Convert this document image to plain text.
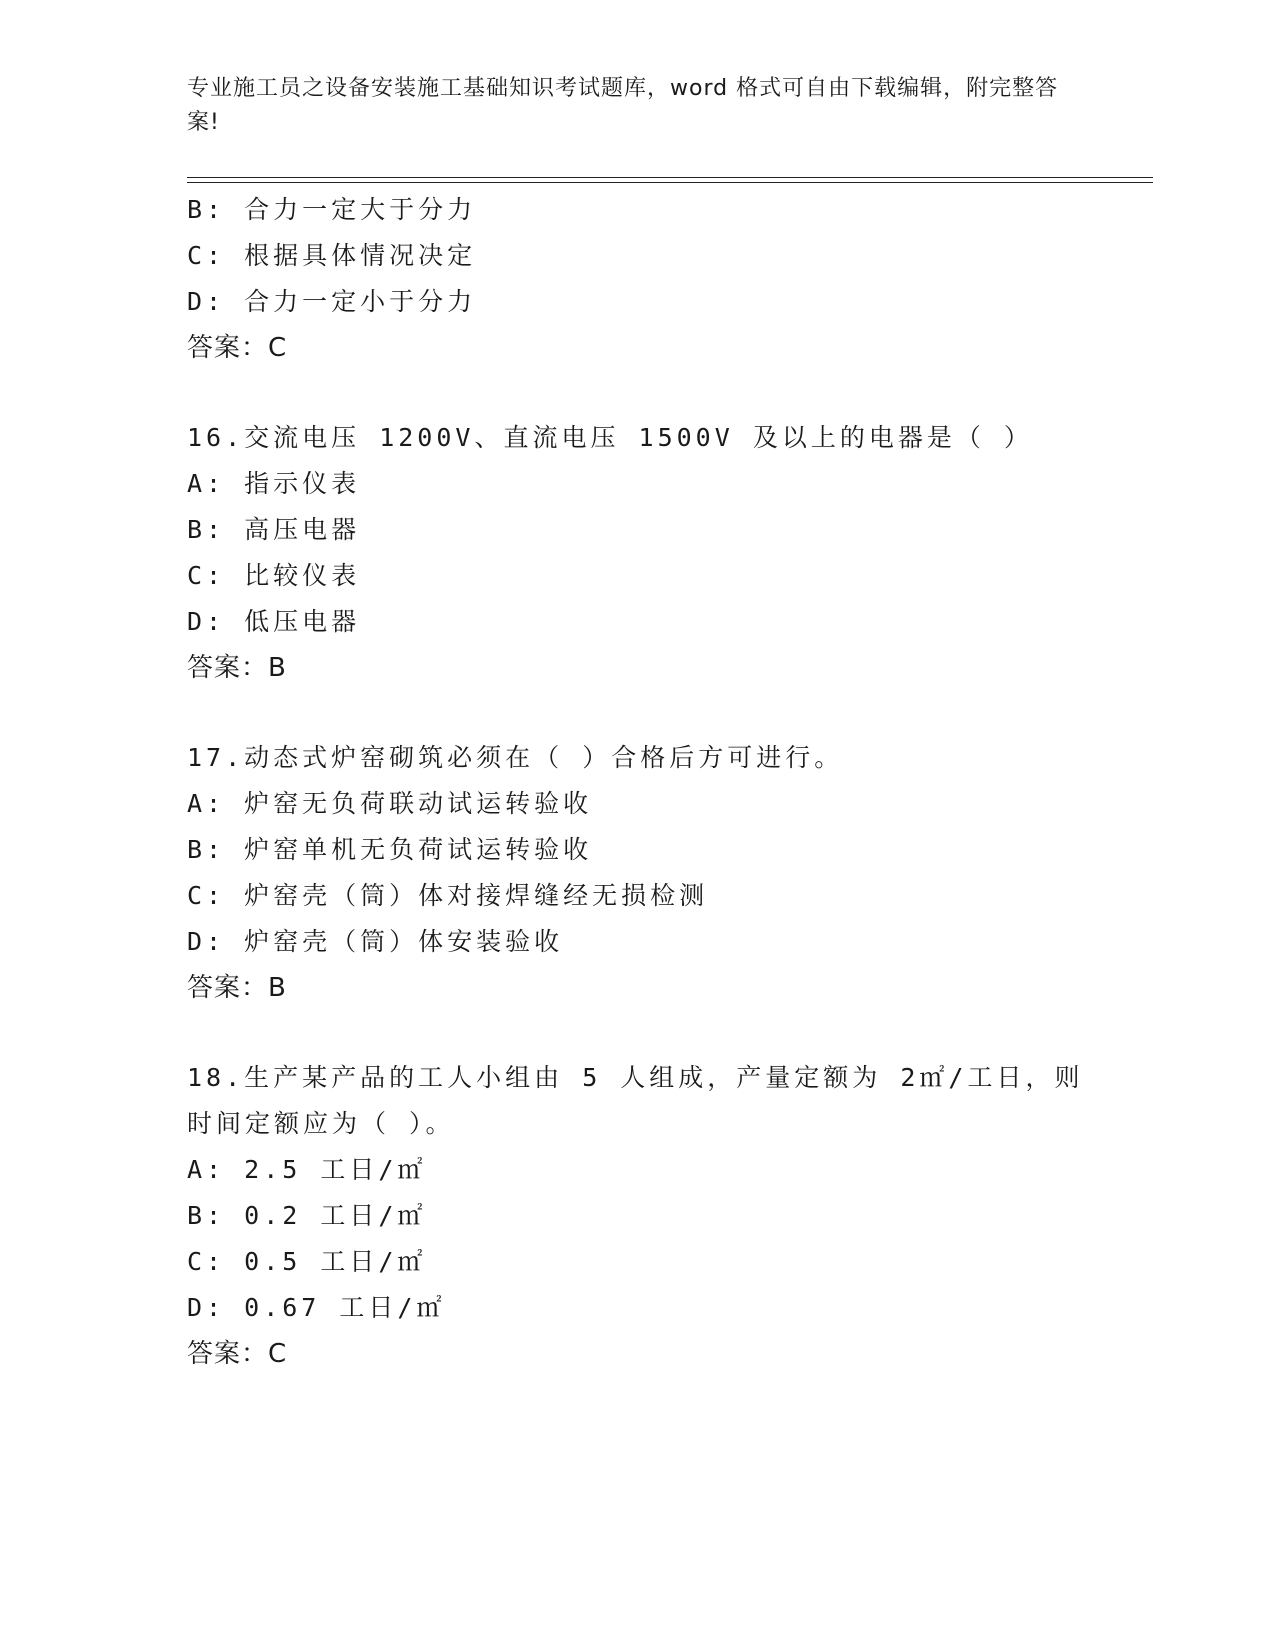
专业施工员之设备安装施工基础知识考试题库，word 格式可自由下载编辑，附完整答案!
B: 合力一定大于分力
C: 根据具体情况决定
D: 合力一定小于分力
答案：C
16.交流电压 1200V、直流电压 1500V 及以上的电器是（ ）
A: 指示仪表
B: 高压电器
C: 比较仪表
D: 低压电器
答案：B
17.动态式炉窑砌筑必须在（ ）合格后方可进行。
A: 炉窑无负荷联动试运转验收
B: 炉窑单机无负荷试运转验收
C: 炉窑壳（筒）体对接焊缝经无损检测
D: 炉窑壳（筒）体安装验收
答案：B
18.生产某产品的工人小组由 5 人组成，产量定额为 2㎡/工日，则时间定额应为（ ）。
A: 2.5 工日/㎡
B: 0.2 工日/㎡
C: 0.5 工日/㎡
D: 0.67 工日/㎡
答案：C
